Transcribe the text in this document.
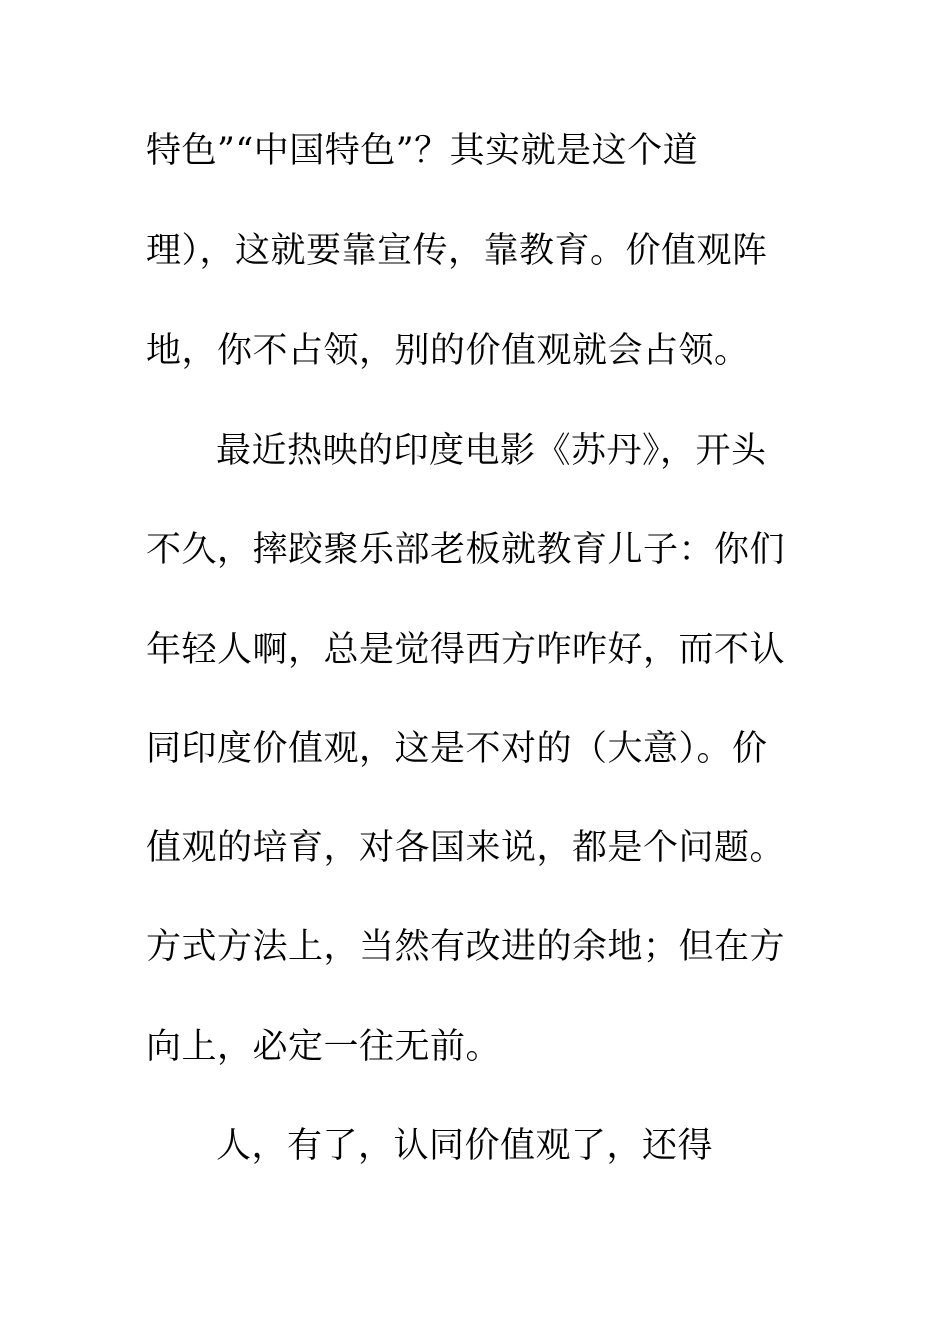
特色”“中国特色”？其实就是这个道
理），这就要靠宣传，靠教育。价值观阵
地，你不占领，别的价值观就会占领。
最近热映的印度电影《苏丹》，开头
不久，摔跤聚乐部老板就教育儿子：你们
年轻人啊，总是觉得西方咋咋好，而不认
同印度价值观，这是不对的（大意）。价
值观的培育，对各国来说，都是个问题。
方式方法上，当然有改进的余地；但在方
向上，必定一往无前。
人，有了，认同价值观了，还得
